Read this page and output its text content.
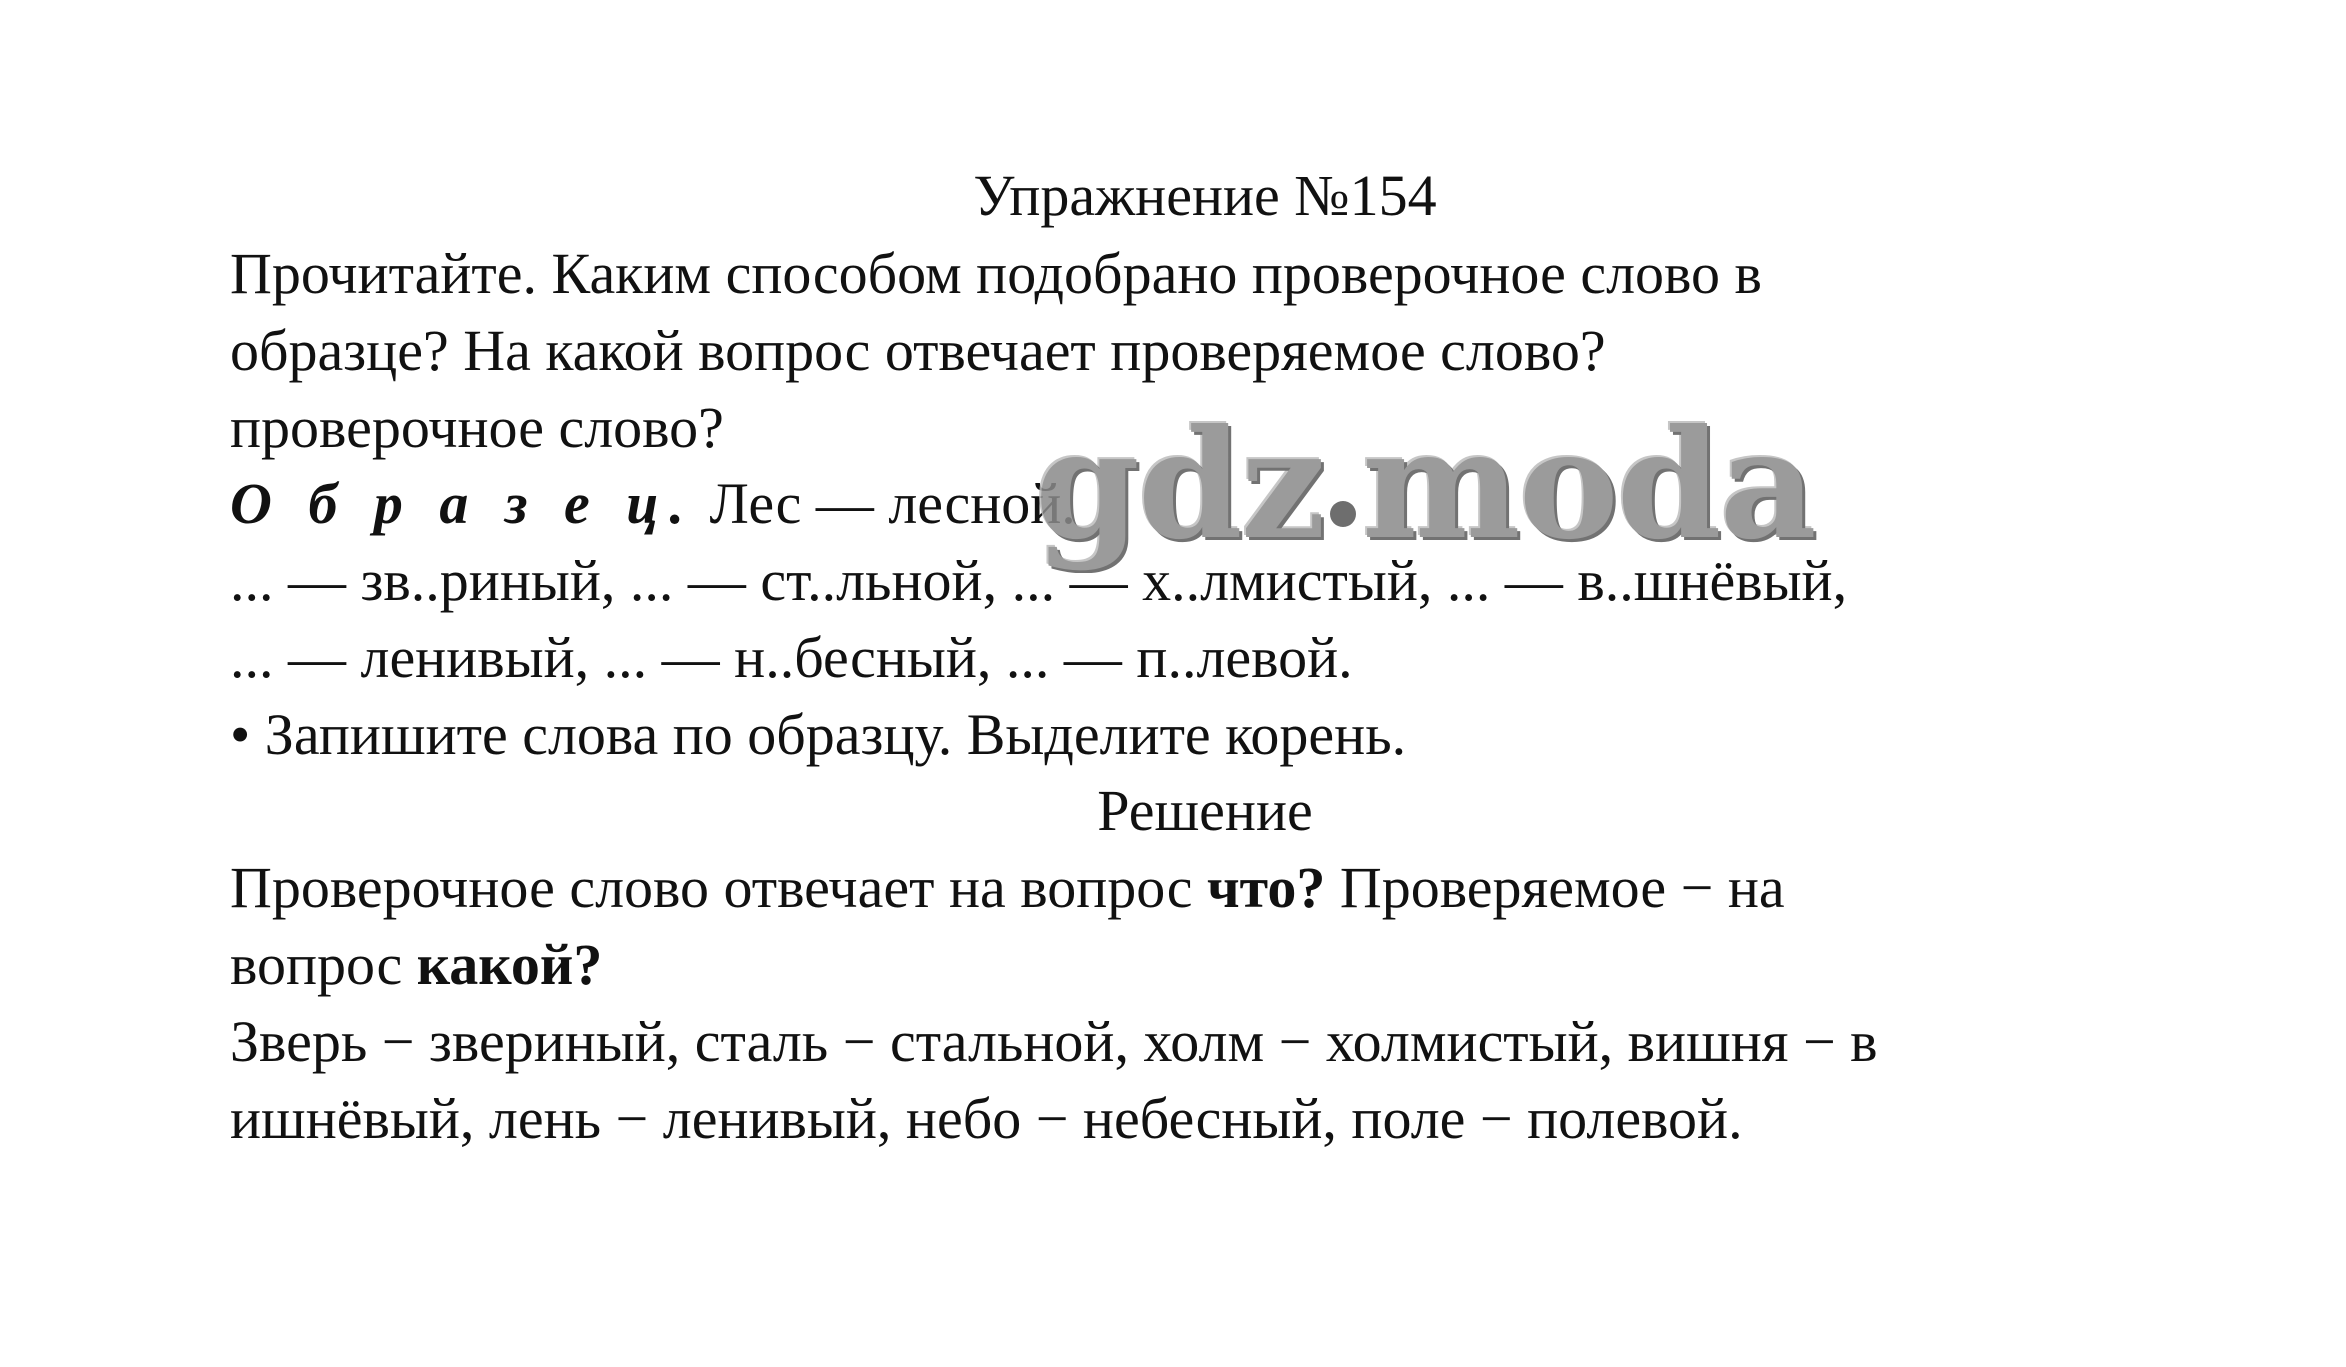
Упражнение №154
Прочитайте. Каким способом подобрано проверочное слово в
образце? На какой вопрос отвечает проверяемое слово?
проверочное слово?
О б р а з е ц. Лес — лесной.
... — зв..риный, ... — ст..льной, ... — х..лмистый, ... — в..шнёвый,
... — ленивый, ... — н..бесный, ... — п..левой.
• Запишите слова по образцу. Выделите корень.
Решение
Проверочное слово отвечает на вопрос что? Проверяемое − на
вопрос какой?
Зверь − звериный, сталь − стальной, холм − холмистый, вишня − в
ишнёвый, лень − ленивый, небо − небесный, поле − полевой.
gdz moda
